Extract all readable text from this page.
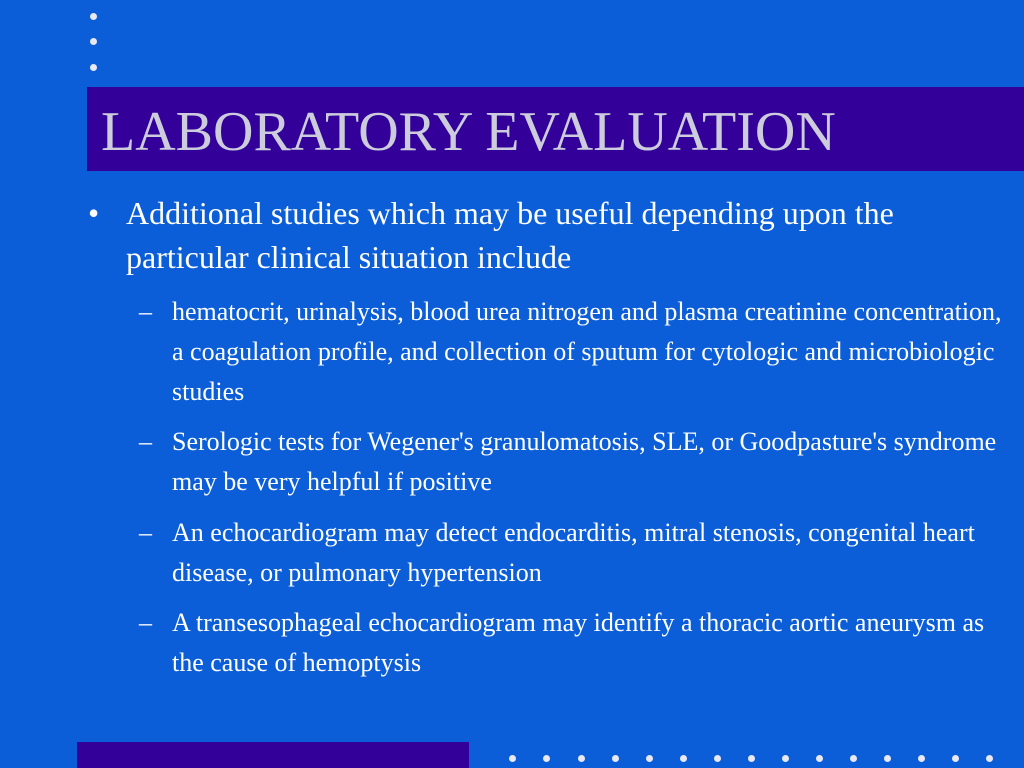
LABORATORY EVALUATION
• Additional studies which may be useful depending upon the particular clinical situation include
– hematocrit, urinalysis, blood urea nitrogen and plasma creatinine concentration, a coagulation profile, and collection of sputum for cytologic and microbiologic studies
– Serologic tests for Wegener's granulomatosis, SLE, or Goodpasture's syndrome may be very helpful if positive
– An echocardiogram may detect endocarditis, mitral stenosis, congenital heart disease, or pulmonary hypertension
– A transesophageal echocardiogram may identify a thoracic aortic aneurysm as the cause of hemoptysis
